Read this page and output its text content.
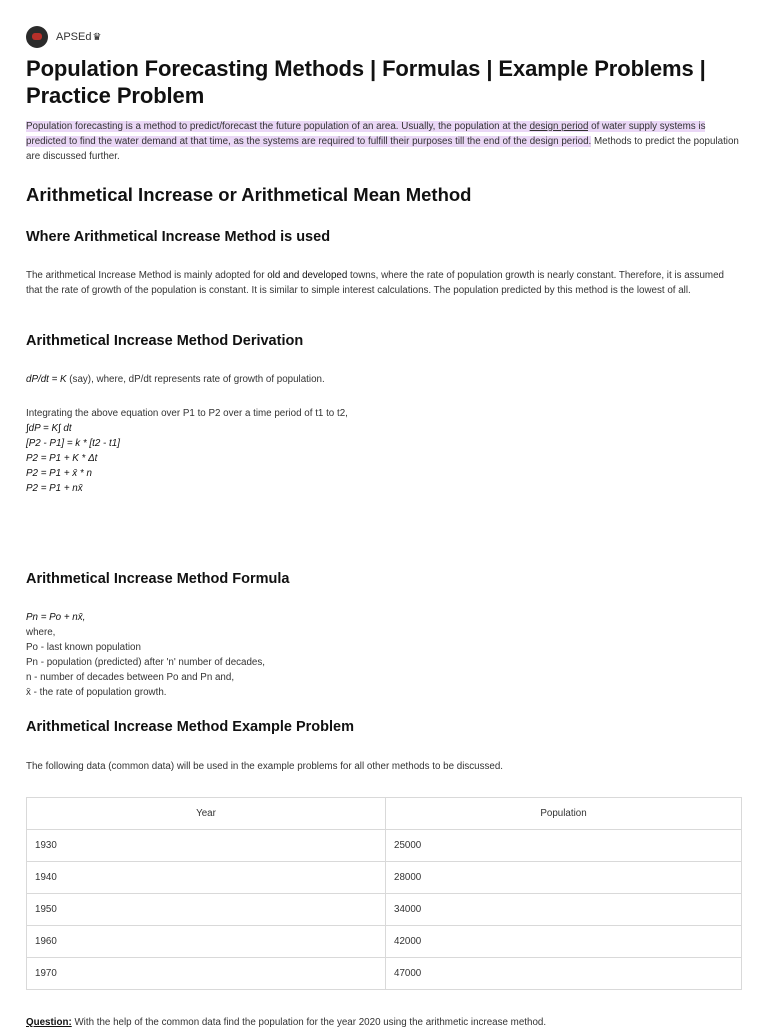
APSEd ♛
Population Forecasting Methods | Formulas | Example Problems | Practice Problem

Population forecasting is a method to predict/forecast the future population of an area. Usually, the population at the design period of water supply systems is predicted to find the water demand at that time, as the systems are required to fulfill their purposes till the end of the design period. Methods to predict the population are discussed further.

Arithmetical Increase or Arithmetical Mean Method
Where Arithmetical Increase Method is used

The arithmetical Increase Method is mainly adopted for old and developed towns, where the rate of population growth is nearly constant. Therefore, it is assumed that the rate of growth of the population is constant. It is similar to simple interest calculations. The population predicted by this method is the lowest of all.

Arithmetical Increase Method Derivation

dP/dt = K (say), where, dP/dt represents rate of growth of population.

Integrating the above equation over P1 to P2 over a time period of t1 to t2,

∫dP = K∫ dt
[P2 - P1] = k * [t2 - t1]
P2 = P1 + K * Δt
P2 = P1 + x̄ * n
P2 = P1 + nx̄
Arithmetical Increase Method Formula
Pn = Po + nx̄,
where,
Po - last known population
Pn - population (predicted) after 'n' number of decades,
n - number of decades between Po and Pn and,
x̄ - the rate of population growth.
Arithmetical Increase Method Example Problem

The following data (common data) will be used in the example problems for all other methods to be discussed.

Year	Population
1930	25000
1940	28000
1950	34000
1960	42000
1970	47000
Question: With the help of the common data find the population for the year 2020 using the arithmetic increase method.
